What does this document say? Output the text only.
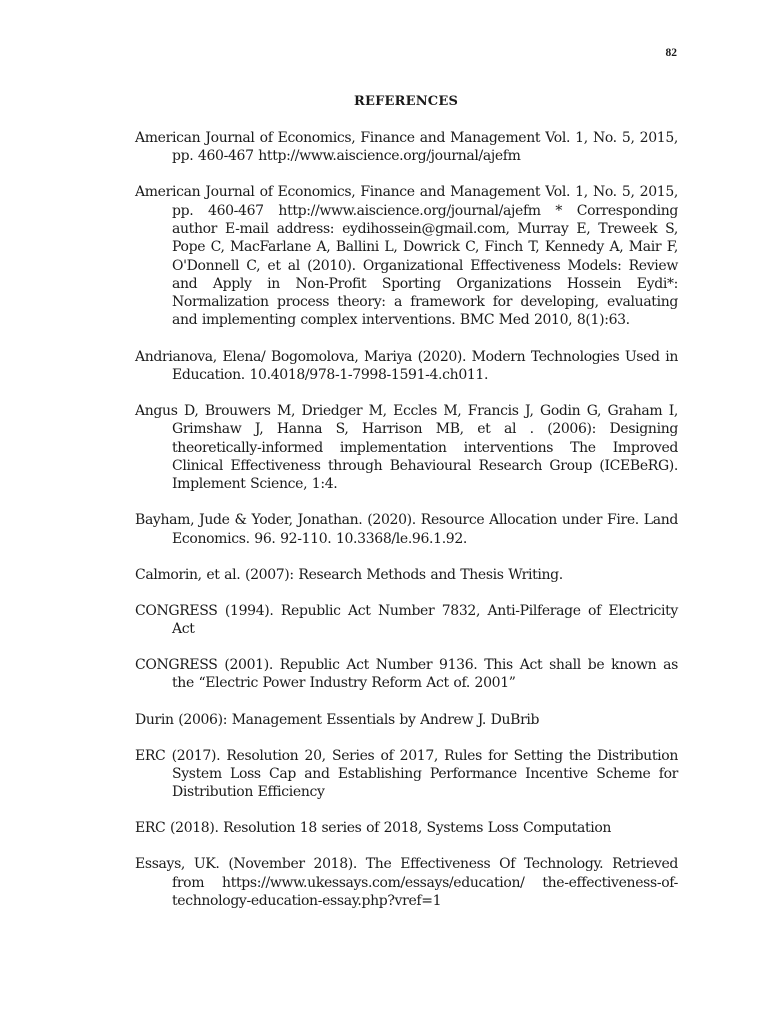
82
REFERENCES

American Journal of Economics, Finance and Management Vol. 1, No. 5, 2015, pp. 460-467 http://www.aiscience.org/journal/ajefm

American Journal of Economics, Finance and Management Vol. 1, No. 5, 2015, pp. 460-467 http://www.aiscience.org/journal/ajefm * Corresponding author E-mail address: eydihossein@gmail.com, Murray E, Treweek S, Pope C, MacFarlane A, Ballini L, Dowrick C, Finch T, Kennedy A, Mair F, O'Donnell C, et al (2010). Organizational Effectiveness Models: Review and Apply in Non-Profit Sporting Organizations Hossein Eydi*: Normalization process theory: a framework for developing, evaluating and implementing complex interventions. BMC Med 2010, 8(1):63.

Andrianova, Elena/ Bogomolova, Mariya (2020). Modern Technologies Used in Education. 10.4018/978-1-7998-1591-4.ch011.

Angus D, Brouwers M, Driedger M, Eccles M, Francis J, Godin G, Graham I, Grimshaw J, Hanna S, Harrison MB, et al . (2006): Designing theoretically-informed implementation interventions The Improved Clinical Effectiveness through Behavioural Research Group (ICEBeRG). Implement Science, 1:4.

Bayham, Jude & Yoder, Jonathan. (2020). Resource Allocation under Fire. Land Economics. 96. 92-110. 10.3368/le.96.1.92.

Calmorin, et al. (2007): Research Methods and Thesis Writing.

CONGRESS (1994). Republic Act Number 7832, Anti-Pilferage of Electricity Act

CONGRESS (2001). Republic Act Number 9136. This Act shall be known as the “Electric Power Industry Reform Act of. 2001”

Durin (2006): Management Essentials by Andrew J. DuBrib

ERC (2017). Resolution 20, Series of 2017, Rules for Setting the Distribution System Loss Cap and Establishing Performance Incentive Scheme for Distribution Efficiency

ERC (2018). Resolution 18 series of 2018, Systems Loss Computation

Essays, UK. (November 2018). The Effectiveness Of Technology. Retrieved from https://www.ukessays.com/essays/education/ the-effectiveness-of-technology-education-essay.php?vref=1
